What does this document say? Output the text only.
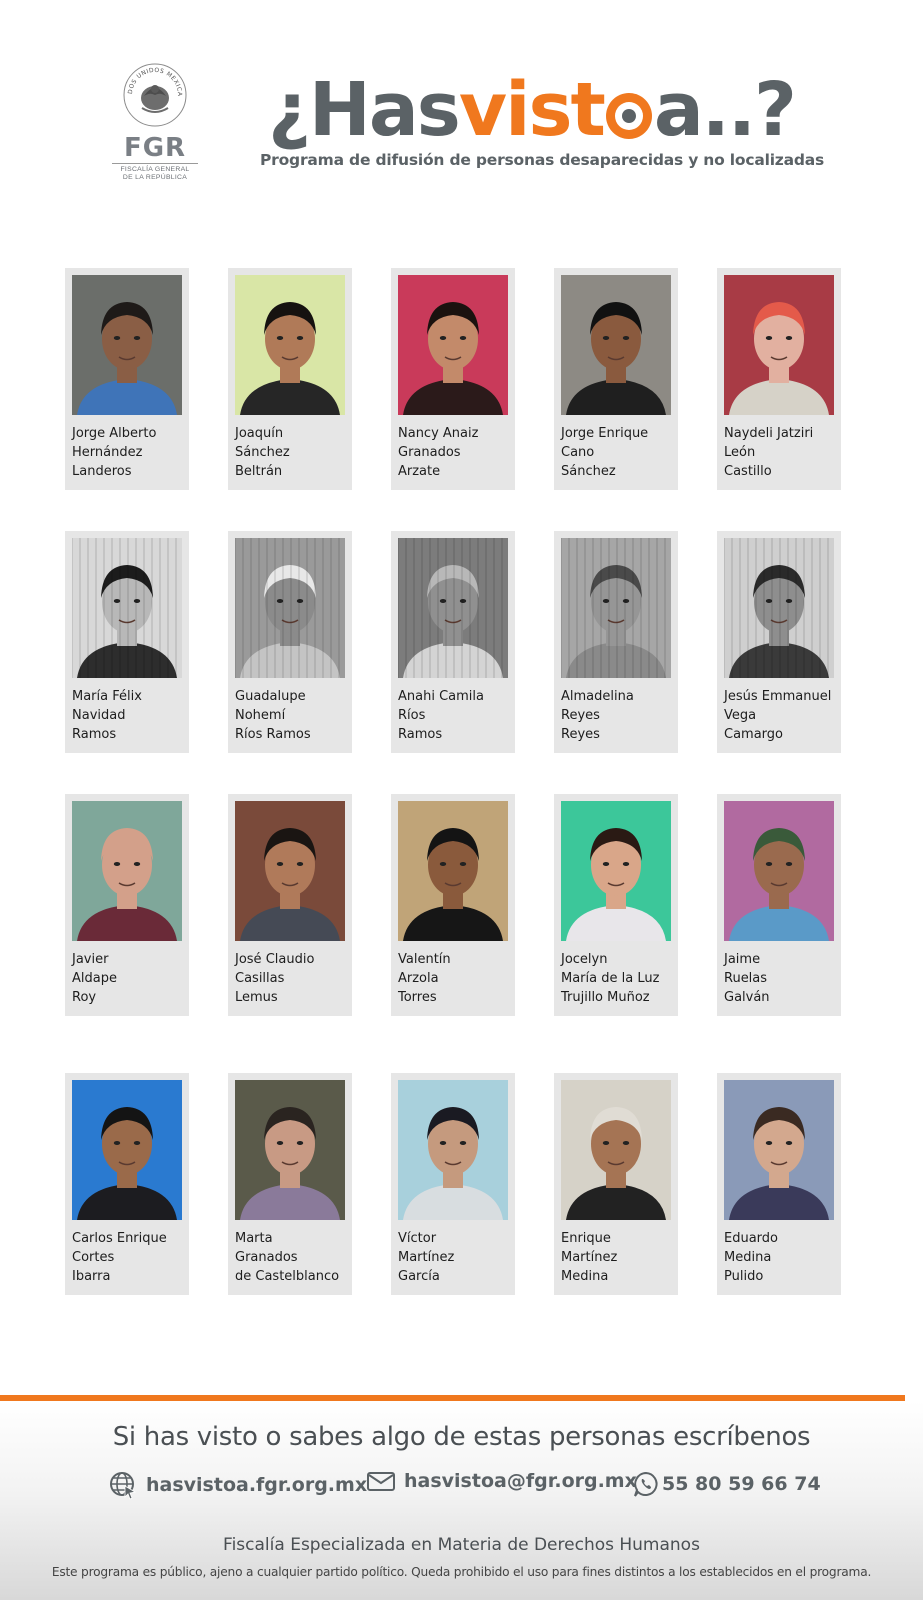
DOS UNIDOS MEXICA
FGR
FISCALÍA GENERAL
DE LA REPÚBLICA
¿Hasvist a..?
Programa de difusión de personas desaparecidas y no localizadas
Jorge Alberto
Hernández
Landeros
Joaquín
Sánchez
Beltrán
Nancy Anaiz
Granados
Arzate
Jorge Enrique
Cano
Sánchez
Naydeli Jatziri
León
Castillo
María Félix
Navidad
Ramos
Guadalupe
Nohemí
Ríos Ramos
Anahi Camila
Ríos
Ramos
Almadelina
Reyes
Reyes
Jesús Emmanuel
Vega
Camargo
Javier
Aldape
Roy
José Claudio
Casillas
Lemus
Valentín
Arzola
Torres
Jocelyn
María de la Luz
Trujillo Muñoz
Jaime
Ruelas
Galván
Carlos Enrique
Cortes
Ibarra
Marta
Granados
de Castelblanco
Víctor
Martínez
García
Enrique
Martínez
Medina
Eduardo
Medina
Pulido
Si has visto o sabes algo de estas personas escríbenos
hasvistoa.fgr.org.mx hasvistoa@fgr.org.mx 55 80 59 66 74
Fiscalía Especializada en Materia de Derechos Humanos
Este programa es público, ajeno a cualquier partido político. Queda prohibido el uso para fines distintos a los establecidos en el programa.
